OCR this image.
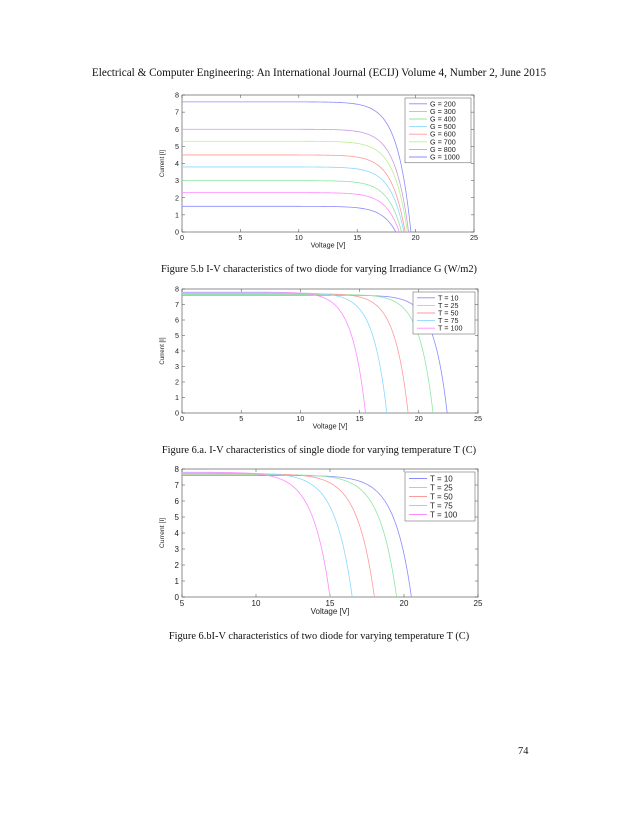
Electrical & Computer Engineering: An International Journal (ECIJ) Volume 4, Number 2, June 2015
0	5	10	15	20	25
0
1
2
3
4
5
6
7
8
Voltage [V]
Current [I]
G = 200
G = 300
G = 400
G = 500
G = 600
G = 700
G = 800
G = 1000
Figure 5.b I-V characteristics of two diode for varying Irradiance G (W/m2)
0	5	10	15	20	25
0
1
2
3
4
5
6
7
8
Voltage [V]
Current [I]
T = 10
T = 25
T = 50
T = 75
T = 100
Figure 6.a. I-V characteristics of single diode for varying temperature T (C)
5	10	15	20	25
0
1
2
3
4
5
6
7
8
Voltage [V]
Current [I]
T = 10
T = 25
T = 50
T = 75
T = 100
Figure 6.bI-V characteristics of two diode for varying temperature T (C)
74
